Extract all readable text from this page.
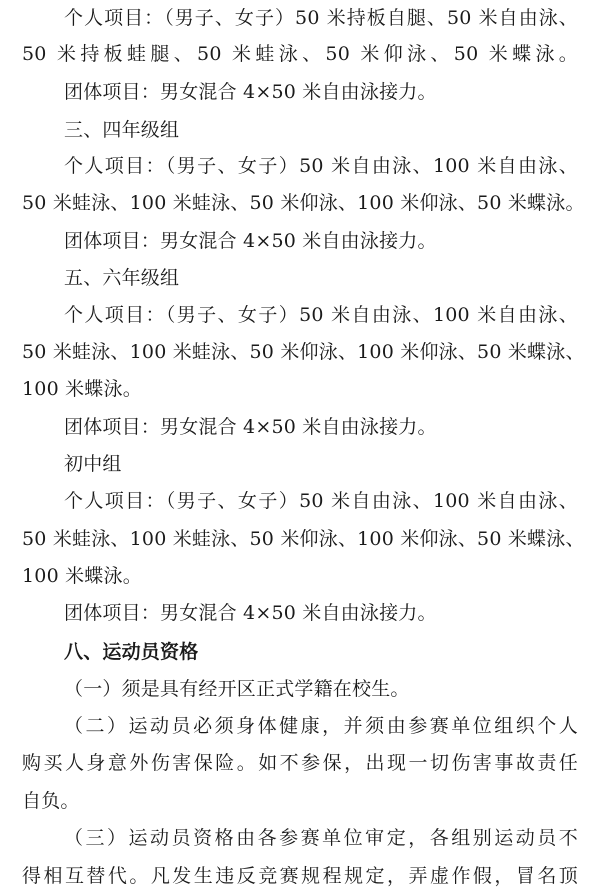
个人项目：（男子、女子）50 米持板自腿、50 米自由泳、
50 米持板蛙腿、50 米蛙泳、50 米仰泳、50 米蝶泳。
团体项目：男女混合 4×50 米自由泳接力。
三、四年级组
个人项目：（男子、女子）50 米自由泳、100 米自由泳、
50 米蛙泳、100 米蛙泳、50 米仰泳、100 米仰泳、50 米蝶泳。
团体项目：男女混合 4×50 米自由泳接力。
五、六年级组
个人项目：（男子、女子）50 米自由泳、100 米自由泳、
50 米蛙泳、100 米蛙泳、50 米仰泳、100 米仰泳、50 米蝶泳、
100 米蝶泳。
团体项目：男女混合 4×50 米自由泳接力。
初中组
个人项目：（男子、女子）50 米自由泳、100 米自由泳、
50 米蛙泳、100 米蛙泳、50 米仰泳、100 米仰泳、50 米蝶泳、
100 米蝶泳。
团体项目：男女混合 4×50 米自由泳接力。
八、运动员资格
（一）须是具有经开区正式学籍在校生。
（二）运动员必须身体健康，并须由参赛单位组织个人
购买人身意外伤害保险。如不参保，出现一切伤害事故责任
自负。
（三）运动员资格由各参赛单位审定，各组别运动员不
得相互替代。凡发生违反竞赛规程规定，弄虚作假，冒名顶
